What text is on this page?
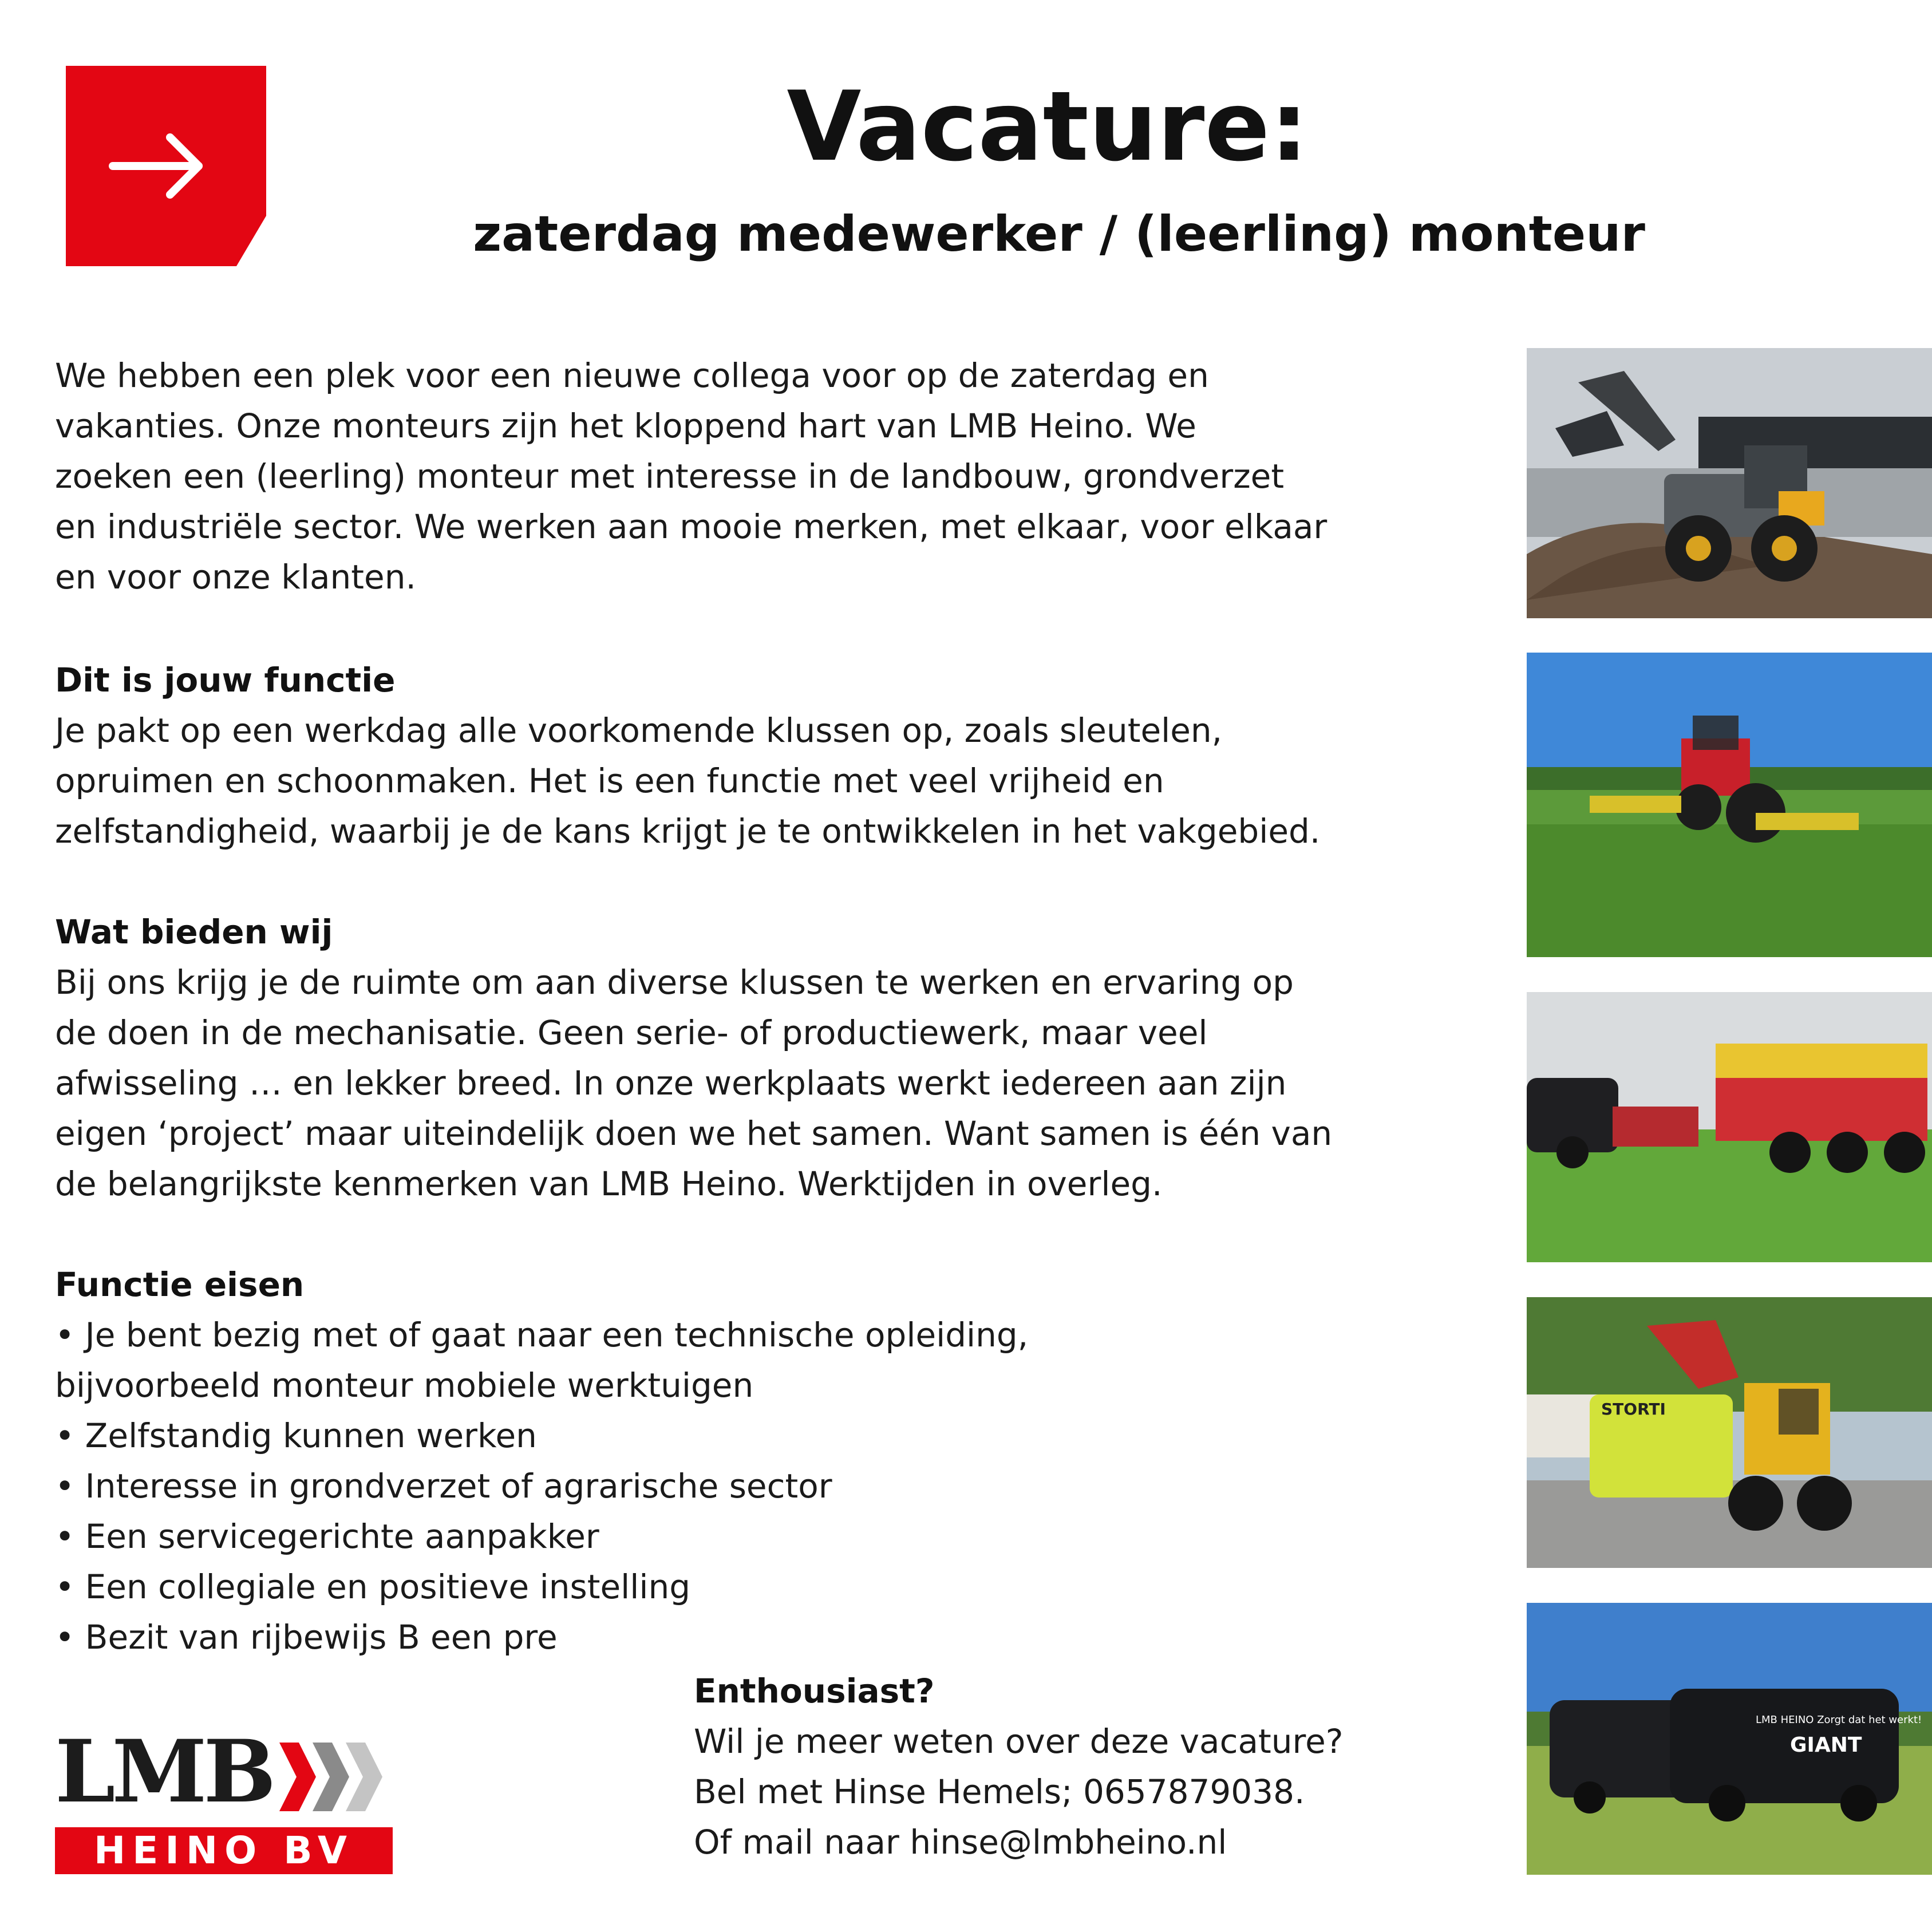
Vacature:
zaterdag medewerker / (leerling) monteur
We hebben een plek voor een nieuwe collega voor op de zaterdag en
vakanties. Onze monteurs zijn het kloppend hart van LMB Heino. We
zoeken een (leerling) monteur met interesse in de landbouw, grondverzet
en industriële sector. We werken aan mooie merken, met elkaar, voor elkaar
en voor onze klanten.
Dit is jouw functie
Je pakt op een werkdag alle voorkomende klussen op, zoals sleutelen,
opruimen en schoonmaken. Het is een functie met veel vrijheid en
zelfstandigheid, waarbij je de kans krijgt je te ontwikkelen in het vakgebied.
Wat bieden wij
Bij ons krijg je de ruimte om aan diverse klussen te werken en ervaring op
de doen in de mechanisatie. Geen serie- of productiewerk, maar veel
afwisseling … en lekker breed. In onze werkplaats werkt iedereen aan zijn
eigen ‘project’ maar uiteindelijk doen we het samen. Want samen is één van
de belangrijkste kenmerken van LMB Heino. Werktijden in overleg.
Functie eisen
• Je bent bezig met of gaat naar een technische opleiding,
bijvoorbeeld monteur mobiele werktuigen
• Zelfstandig kunnen werken
• Interesse in grondverzet of agrarische sector
• Een servicegerichte aanpakker
• Een collegiale en positieve instelling
• Bezit van rijbewijs B een pre
Enthousiast?
Wil je meer weten over deze vacature?
Bel met Hinse Hemels; 0657879038.
Of mail naar hinse@lmbheino.nl
LMB
HEINO BV
STORTI
LMB HEINO Zorgt dat het werkt!
GIANT
